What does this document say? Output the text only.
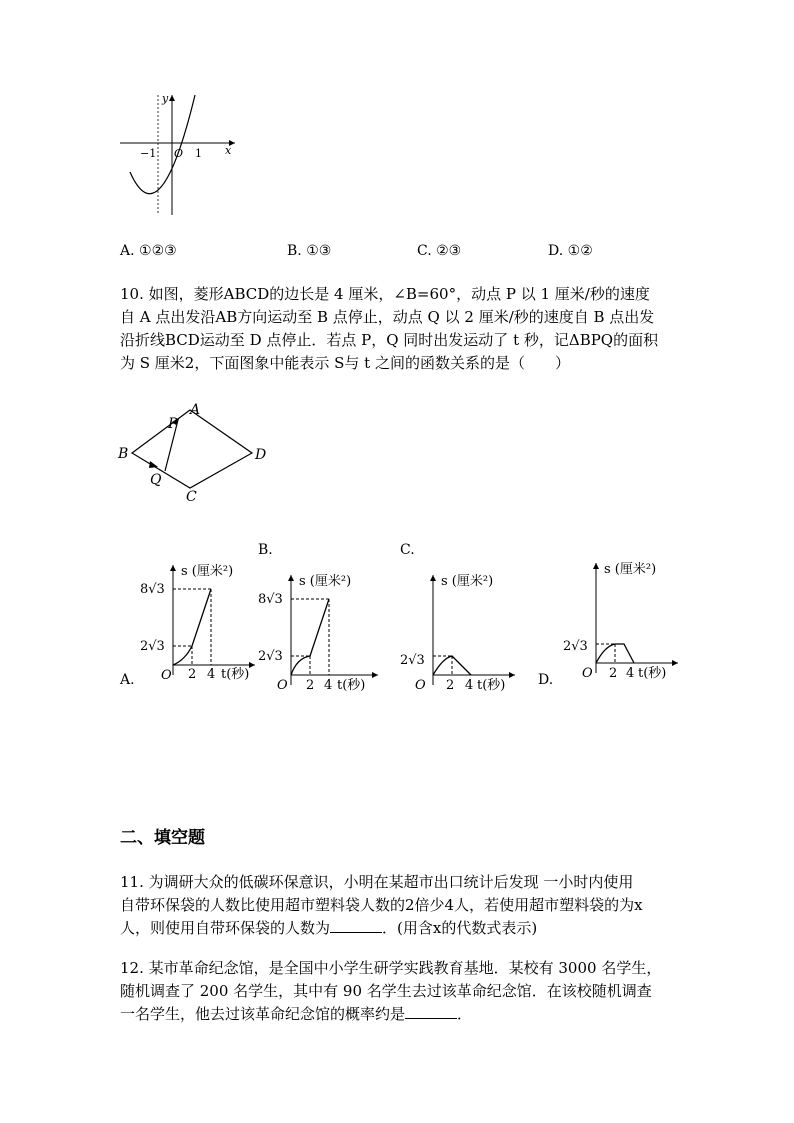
y
x
O
−1	1
A. ①②③	B. ①③	C. ②③	D. ①②
10. 如图，菱形ABCD的边长是 4 厘米，∠B=60°，动点 P 以 1 厘米/秒的速度
自 A 点出发沿AB方向运动至 B 点停止，动点 Q 以 2 厘米/秒的速度自 B 点出发
沿折线BCD运动至 D 点停止．若点 P，Q 同时出发运动了 t 秒，记ΔBPQ的面积
为 S 厘米2，下面图象中能表示 S与 t 之间的函数关系的是（　　）
A
B
C
D
P
Q
B.	C.
A.	D.
s (厘米²)
8√3
2√3
O 2 4 t(秒)
s (厘米²)
8√3
2√3
O 2 4 t(秒)
s (厘米²)
2√3
O 2 4 t(秒)
s (厘米²)
2√3
O 2 4 t(秒)
二、填空题
11. 为调研大众的低碳环保意识，小明在某超市出口统计后发现 一小时内使用
自带环保袋的人数比使用超市塑料袋人数的2倍少4人，若使用超市塑料袋的为x
人，则使用自带环保袋的人数为	．(用含x的代数式表示)
12. 某市革命纪念馆，是全国中小学生研学实践教育基地．某校有 3000 名学生，
随机调查了 200 名学生，其中有 90 名学生去过该革命纪念馆．在该校随机调查
一名学生，他去过该革命纪念馆的概率约是	．
